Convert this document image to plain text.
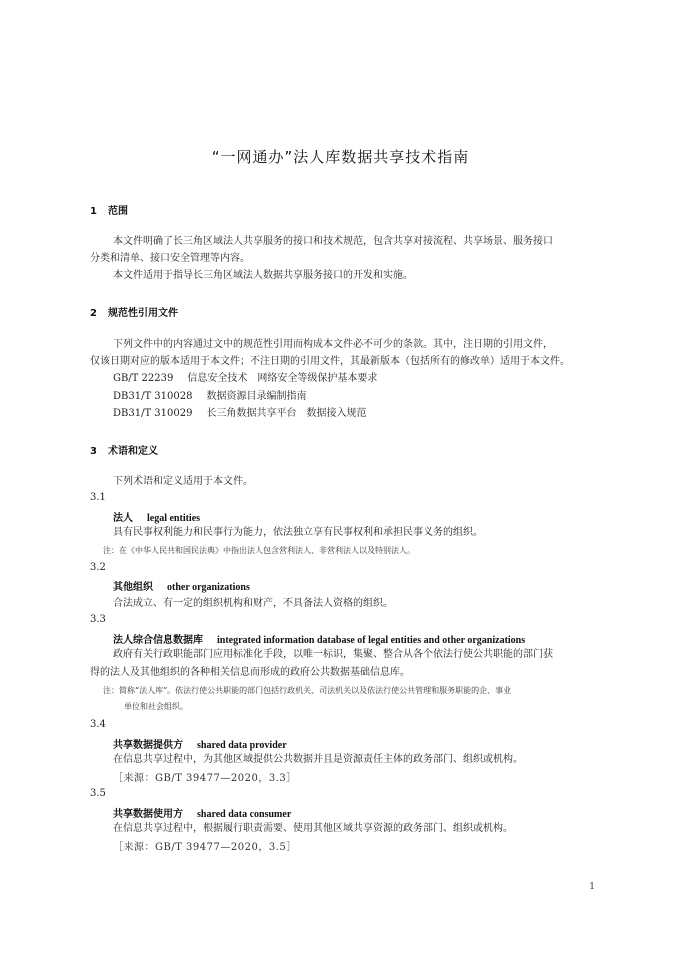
“一网通办”法人库数据共享技术指南
1 范围
本文件明确了长三角区域法人共享服务的接口和技术规范，包含共享对接流程、共享场景、服务接口
分类和清单、接口安全管理等内容。
本文件适用于指导长三角区域法人数据共享服务接口的开发和实施。
2 规范性引用文件
下列文件中的内容通过文中的规范性引用而构成本文件必不可少的条款。其中，注日期的引用文件，
仅该日期对应的版本适用于本文件；不注日期的引用文件，其最新版本（包括所有的修改单）适用于本文件。
GB/T 22239 信息安全技术　网络安全等级保护基本要求
DB31/T 310028 数据资源目录编制指南
DB31/T 310029 长三角数据共享平台　数据接入规范
3 术语和定义
下列术语和定义适用于本文件。
3.1
法人 legal entities
具有民事权利能力和民事行为能力，依法独立享有民事权利和承担民事义务的组织。
注：在《中华人民共和国民法典》中指出法人包含营利法人、非营利法人以及特别法人。
3.2
其他组织 other organizations
合法成立、有一定的组织机构和财产，不具备法人资格的组织。
3.3
法人综合信息数据库 integrated information database of legal entities and other organizations
政府有关行政职能部门应用标准化手段，以唯一标识，集聚、整合从各个依法行使公共职能的部门获
得的法人及其他组织的各种相关信息而形成的政府公共数据基础信息库。
注：简称“法人库”。依法行使公共职能的部门包括行政机关、司法机关以及依法行使公共管理和服务职能的企、事业
单位和社会组织。
3.4
共享数据提供方 shared data provider
在信息共享过程中，为其他区域提供公共数据并且是资源责任主体的政务部门、组织或机构。
［来源：GB/T 39477—2020，3.3］
3.5
共享数据使用方 shared data consumer
在信息共享过程中，根据履行职责需要、使用其他区域共享资源的政务部门、组织或机构。
［来源：GB/T 39477—2020，3.5］
1
